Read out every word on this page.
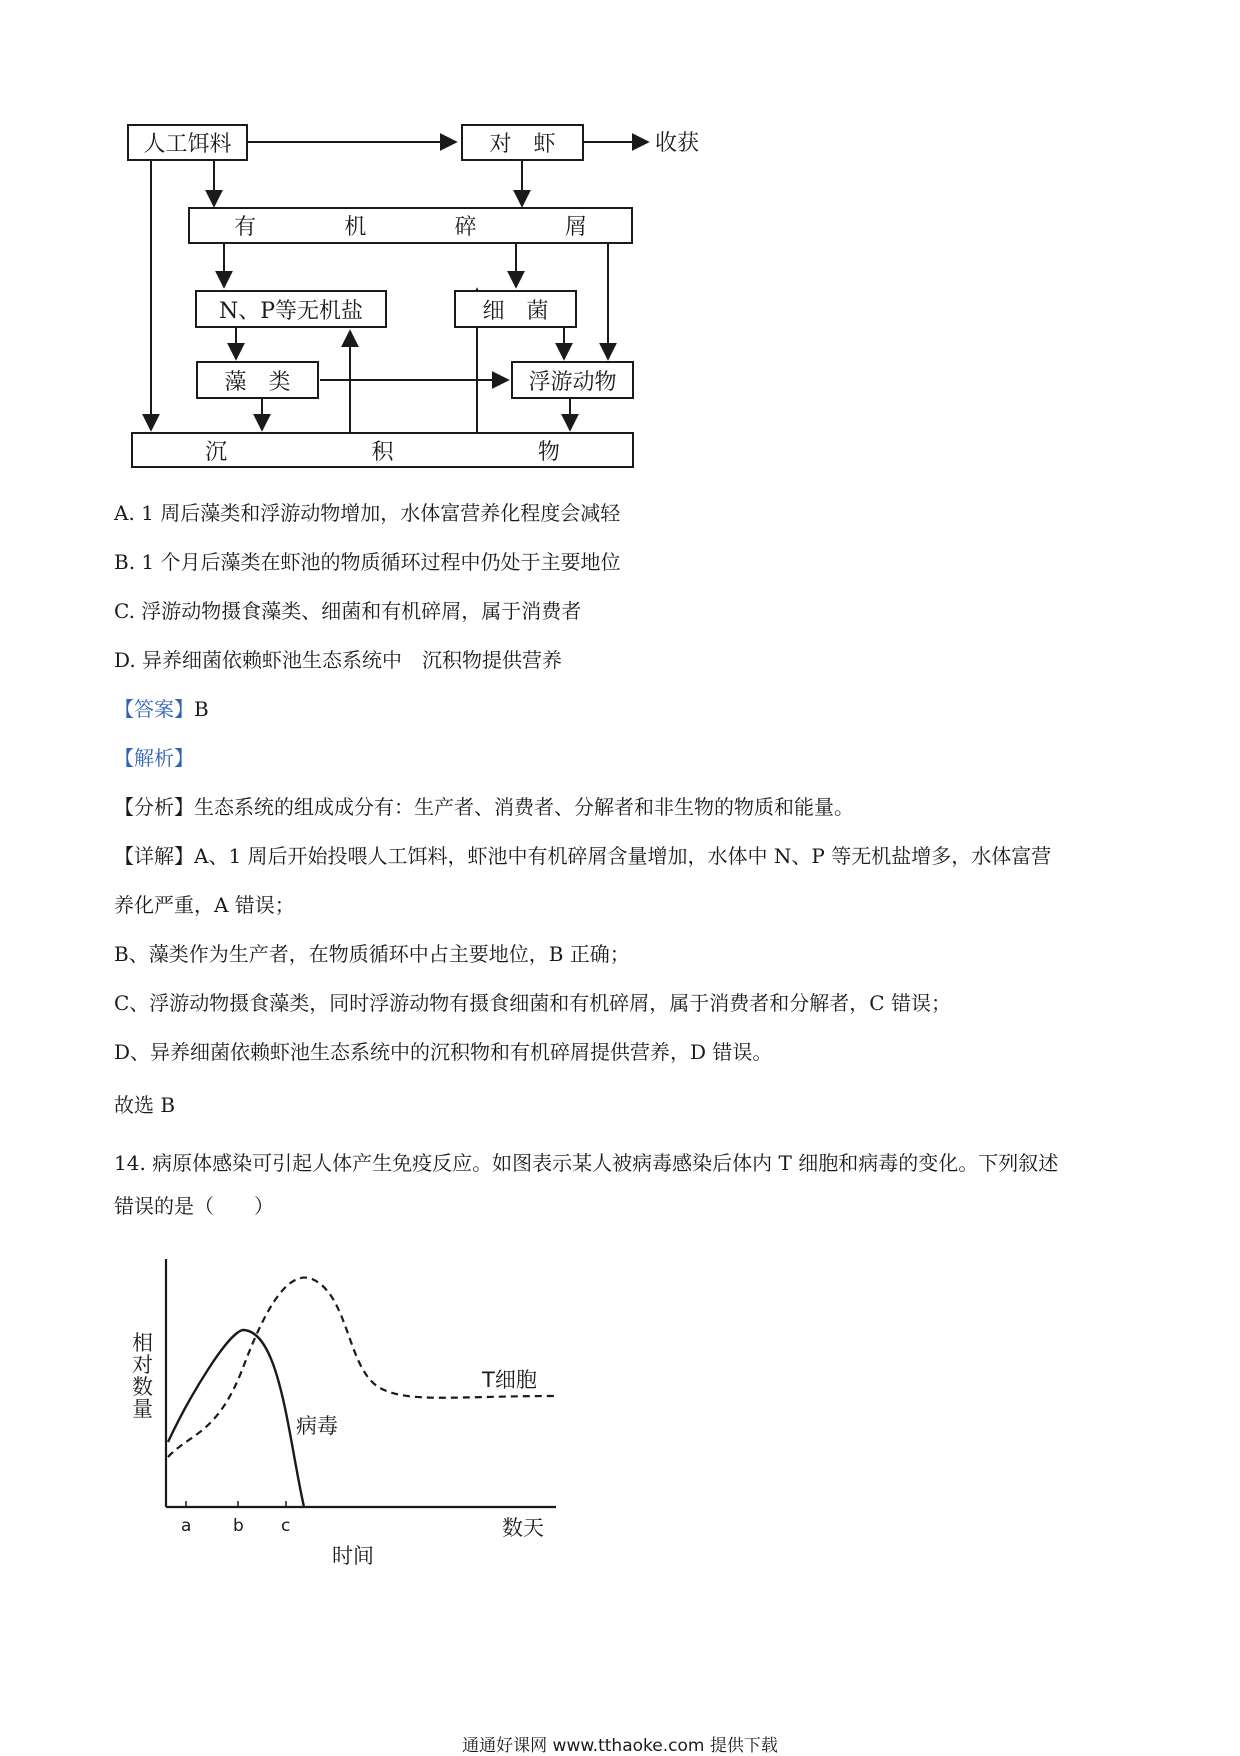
人工饵料	对　虾	收获
有	机	碎	屑
N、P等无机盐	细　菌
藻　类	浮游动物
沉	积	物
A. 1 周后藻类和浮游动物增加，水体富营养化程度会减轻
B. 1 个月后藻类在虾池的物质循环过程中仍处于主要地位
C. 浮游动物摄食藻类、细菌和有机碎屑，属于消费者
D. 异养细菌依赖虾池生态系统中　沉积物提供营养
【答案】B
【解析】
【分析】生态系统的组成成分有：生产者、消费者、分解者和非生物的物质和能量。
【详解】A、1 周后开始投喂人工饵料，虾池中有机碎屑含量增加，水体中 N、P 等无机盐增多，水体富营
养化严重，A 错误；
B、藻类作为生产者，在物质循环中占主要地位，B 正确；
C、浮游动物摄食藻类，同时浮游动物有摄食细菌和有机碎屑，属于消费者和分解者，C 错误；
D、异养细菌依赖虾池生态系统中的沉积物和有机碎屑提供营养，D 错误。
故选 B
14. 病原体感染可引起人体产生免疫反应。如图表示某人被病毒感染后体内 T 细胞和病毒的变化。下列叙述
错误的是（　　）
相
对
数
量
病毒
T细胞
数天
时间
a b c
通通好课网 www.tthaoke.com 提供下载
